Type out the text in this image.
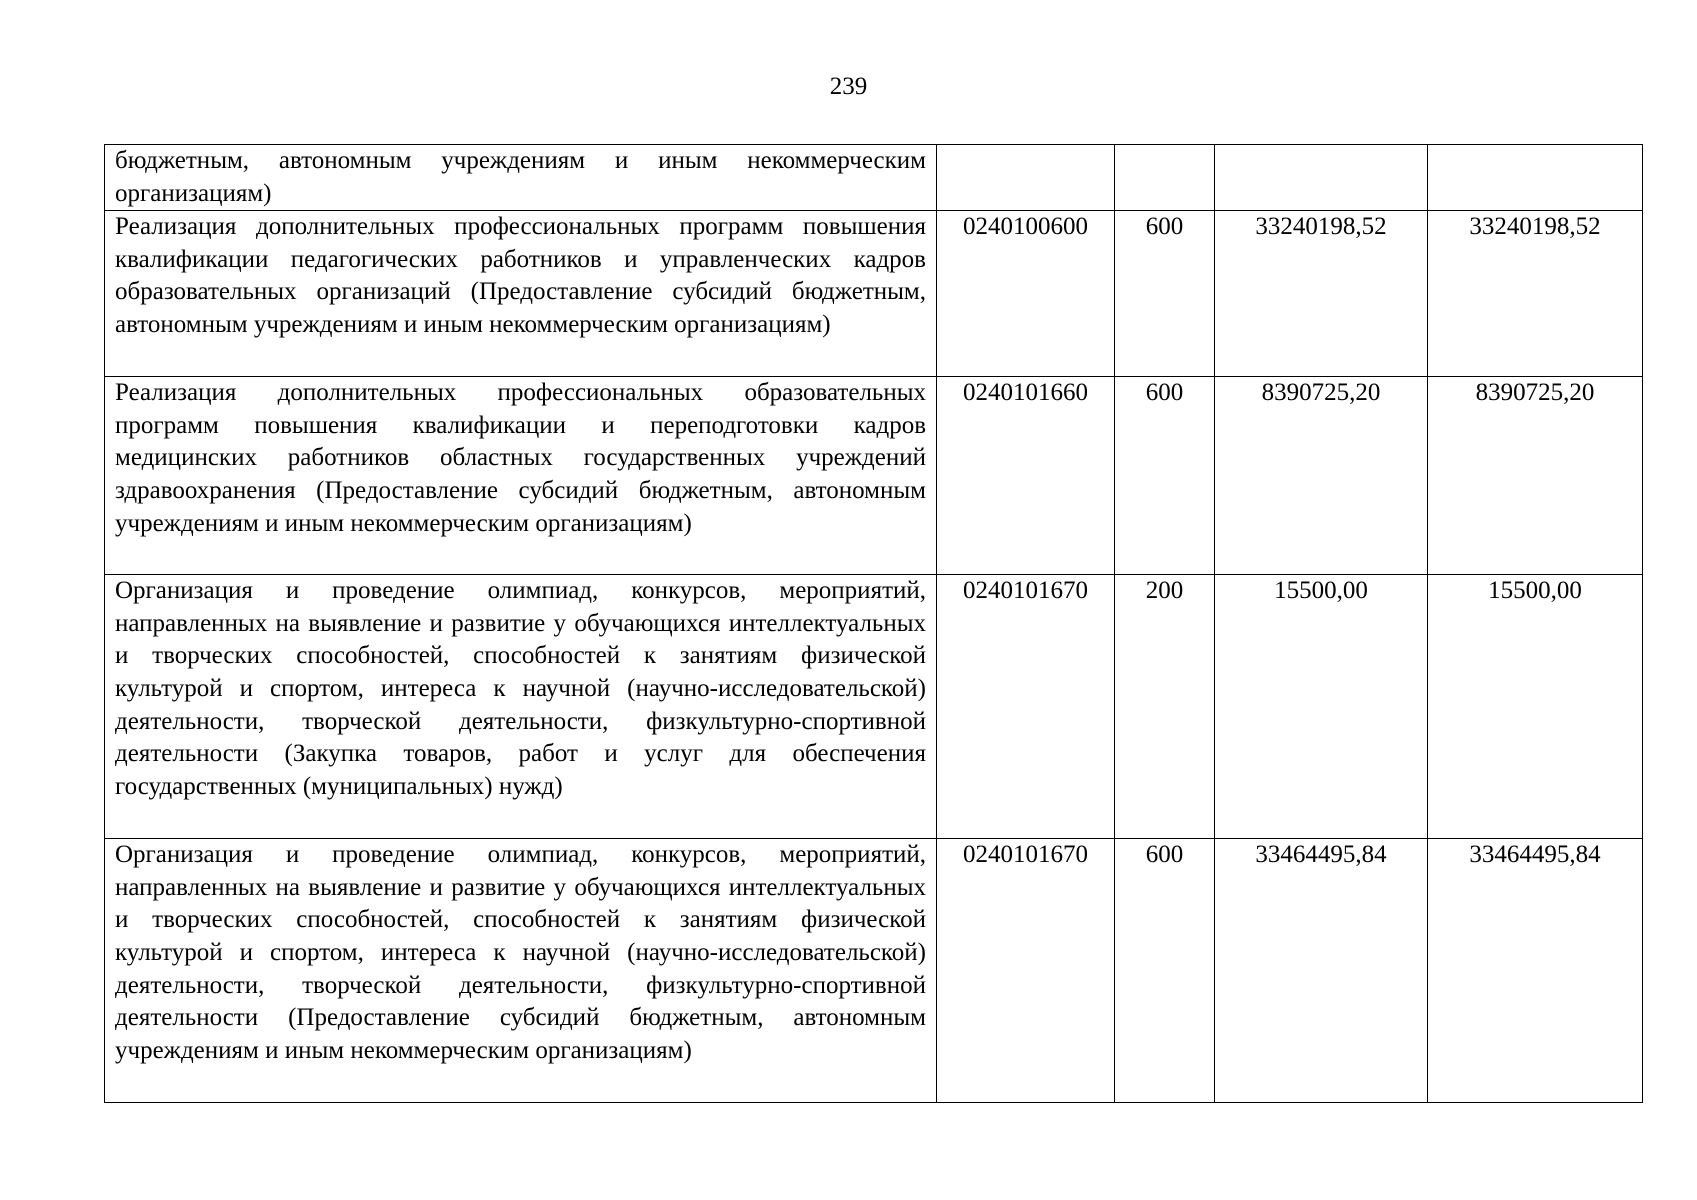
239
бюджетным, автономным учреждениям и иным некоммерческим организациям)				
Реализация дополнительных профессиональных программ повышения квалификации педагогических работников и управленческих кадров образовательных организаций (Предоставление субсидий бюджетным, автономным учреждениям и иным некоммерческим организациям)	0240100600	600	33240198,52	33240198,52
Реализация дополнительных профессиональных образовательных программ повышения квалификации и переподготовки кадров медицинских работников областных государственных учреждений здравоохранения (Предоставление субсидий бюджетным, автономным учреждениям и иным некоммерческим организациям)	0240101660	600	8390725,20	8390725,20
Организация и проведение олимпиад, конкурсов, мероприятий, направленных на выявление и развитие у обучающихся интеллектуальных и творческих способностей, способностей к занятиям физической культурой и спортом, интереса к научной (научно-исследовательской) деятельности, творческой деятельности, физкультурно-спортивной деятельности (Закупка товаров, работ и услуг для обеспечения государственных (муниципальных) нужд)	0240101670	200	15500,00	15500,00
Организация и проведение олимпиад, конкурсов, мероприятий, направленных на выявление и развитие у обучающихся интеллектуальных и творческих способностей, способностей к занятиям физической культурой и спортом, интереса к научной (научно-исследовательской) деятельности, творческой деятельности, физкультурно-спортивной деятельности (Предоставление субсидий бюджетным, автономным учреждениям и иным некоммерческим организациям)	0240101670	600	33464495,84	33464495,84
